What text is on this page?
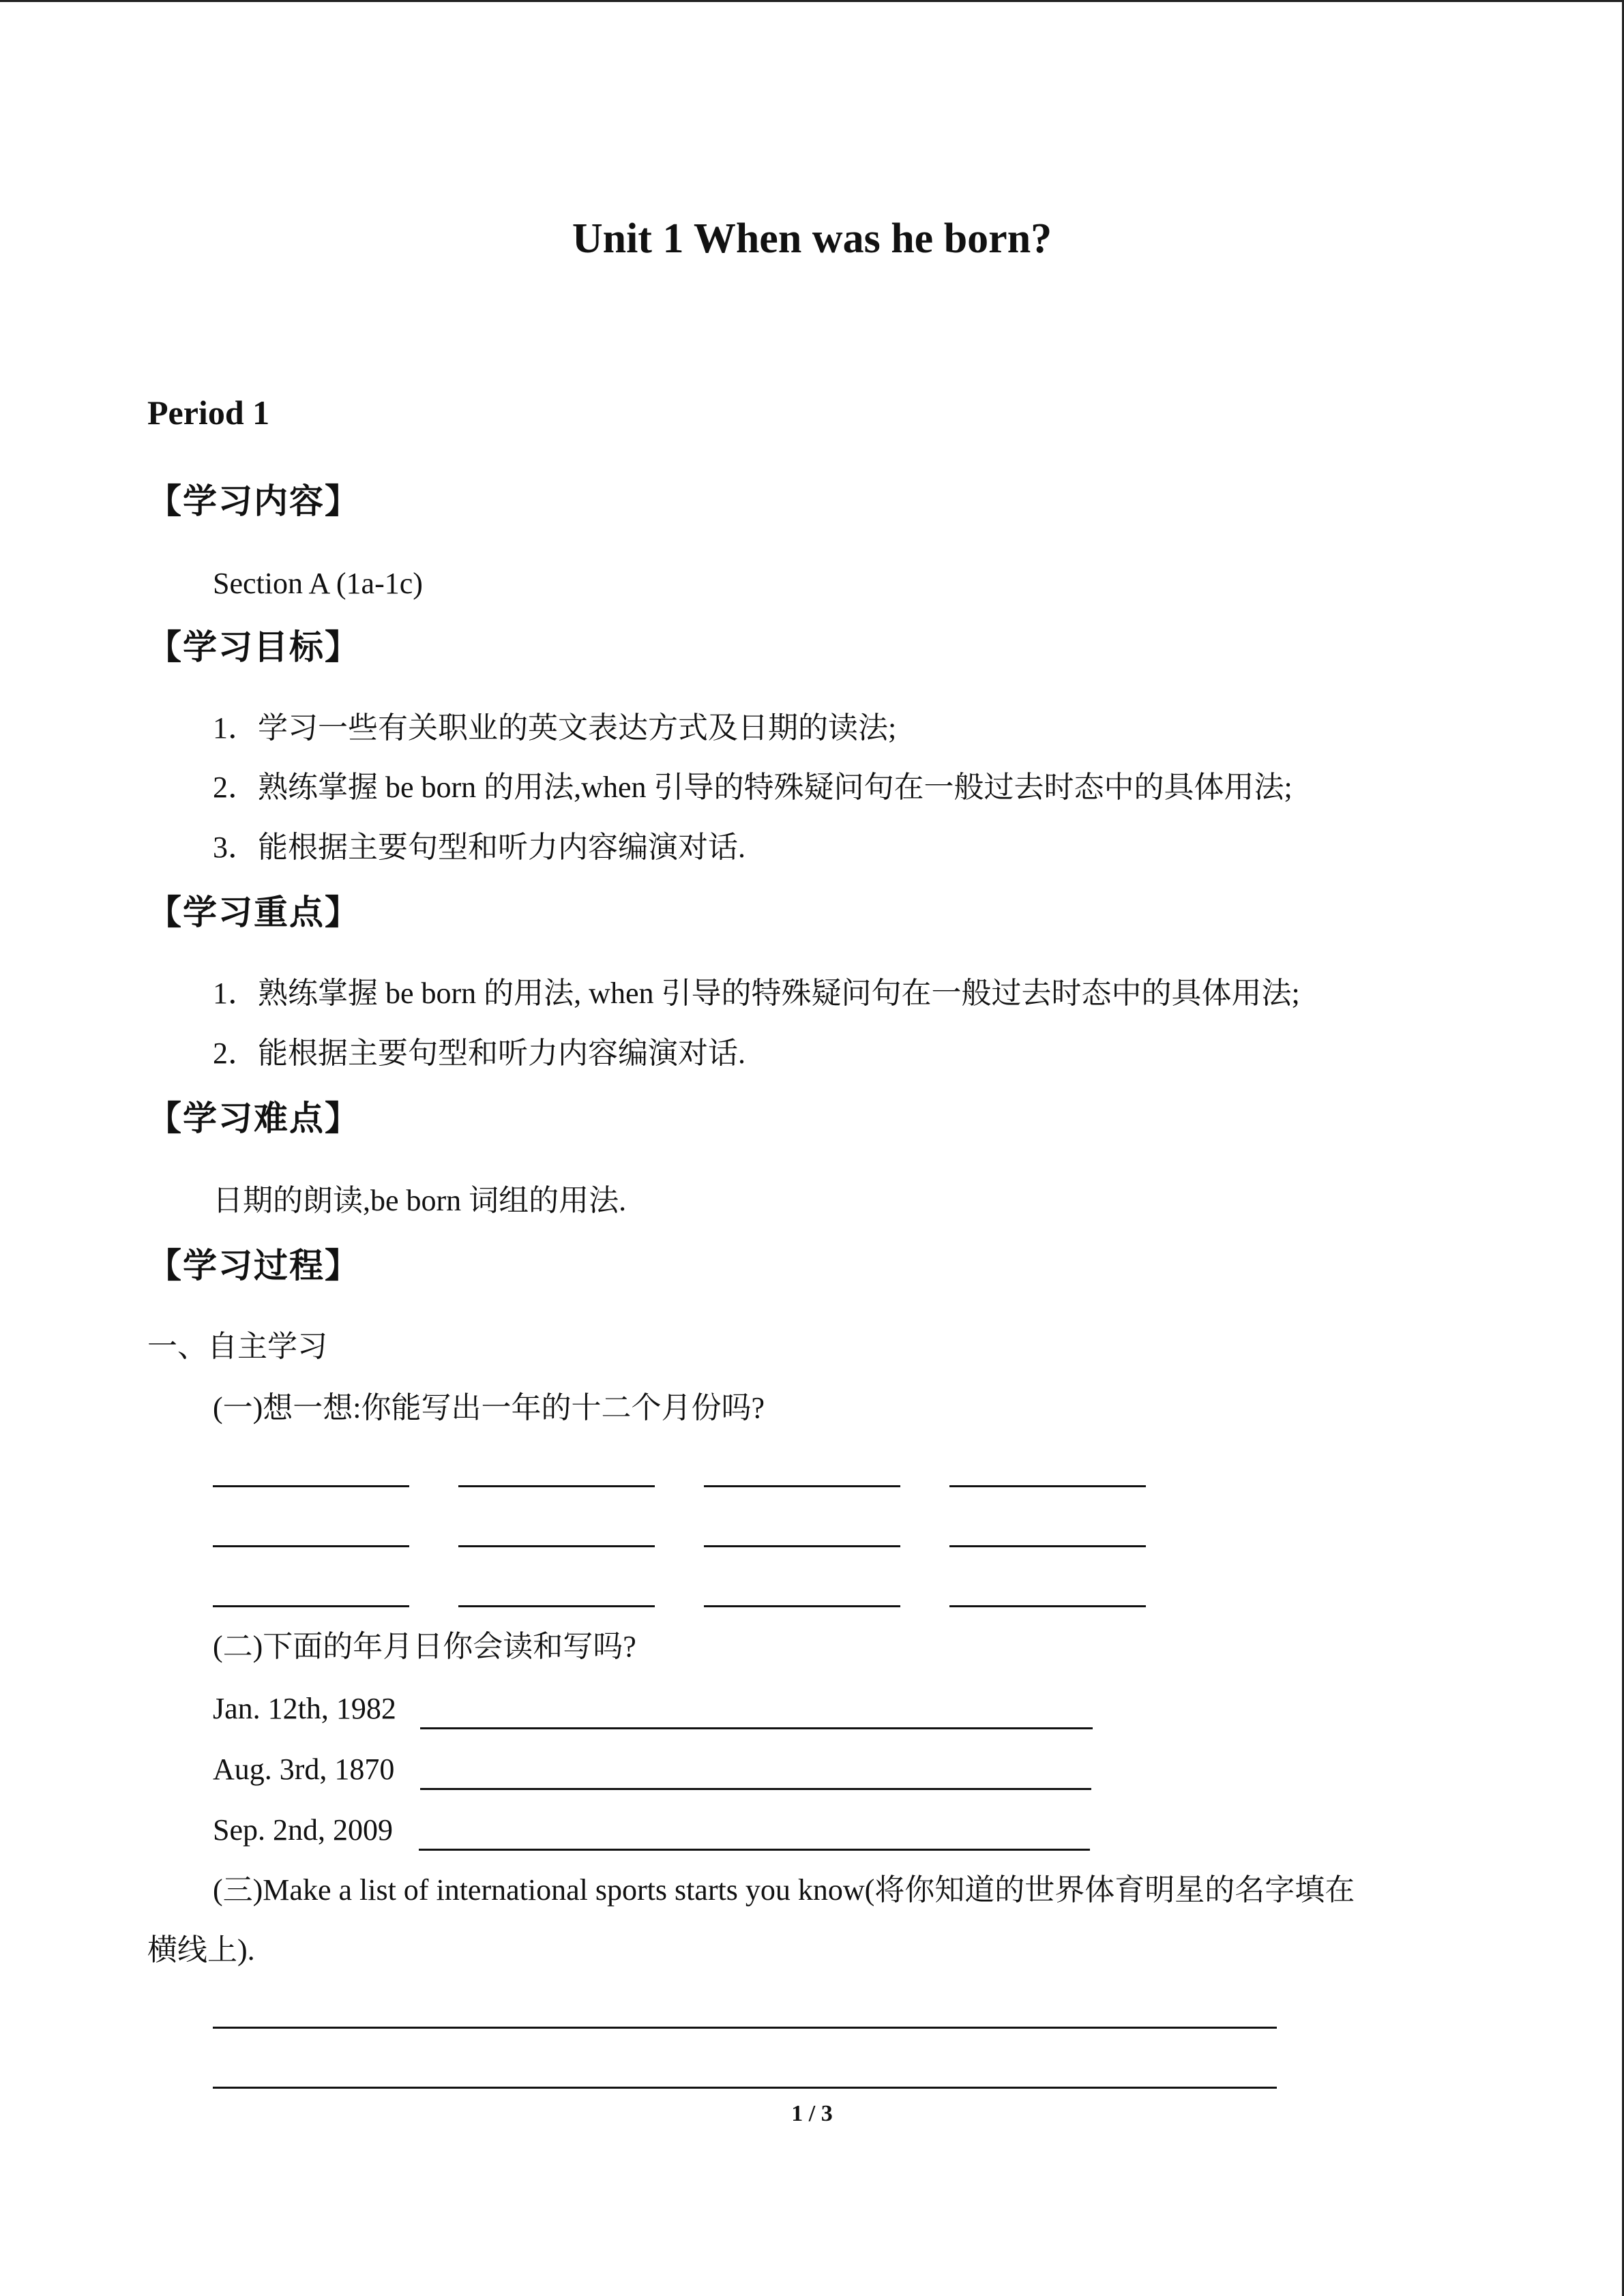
Unit 1 When was he born?
Period 1
【学习内容】
Section A (1a-1c)
【学习目标】
1．学习一些有关职业的英文表达方式及日期的读法;
2．熟练掌握 be born 的用法,when 引导的特殊疑问句在一般过去时态中的具体用法;
3．能根据主要句型和听力内容编演对话.
【学习重点】
1．熟练掌握 be born 的用法, when 引导的特殊疑问句在一般过去时态中的具体用法;
2．能根据主要句型和听力内容编演对话.
【学习难点】
日期的朗读,be born 词组的用法.
【学习过程】
一、自主学习
(一)想一想:你能写出一年的十二个月份吗?
(二)下面的年月日你会读和写吗?
Jan. 12th, 1982
Aug. 3rd, 1870
Sep. 2nd, 2009
(三)Make a list of international sports starts you know(将你知道的世界体育明星的名字填在
横线上).
1 / 3
